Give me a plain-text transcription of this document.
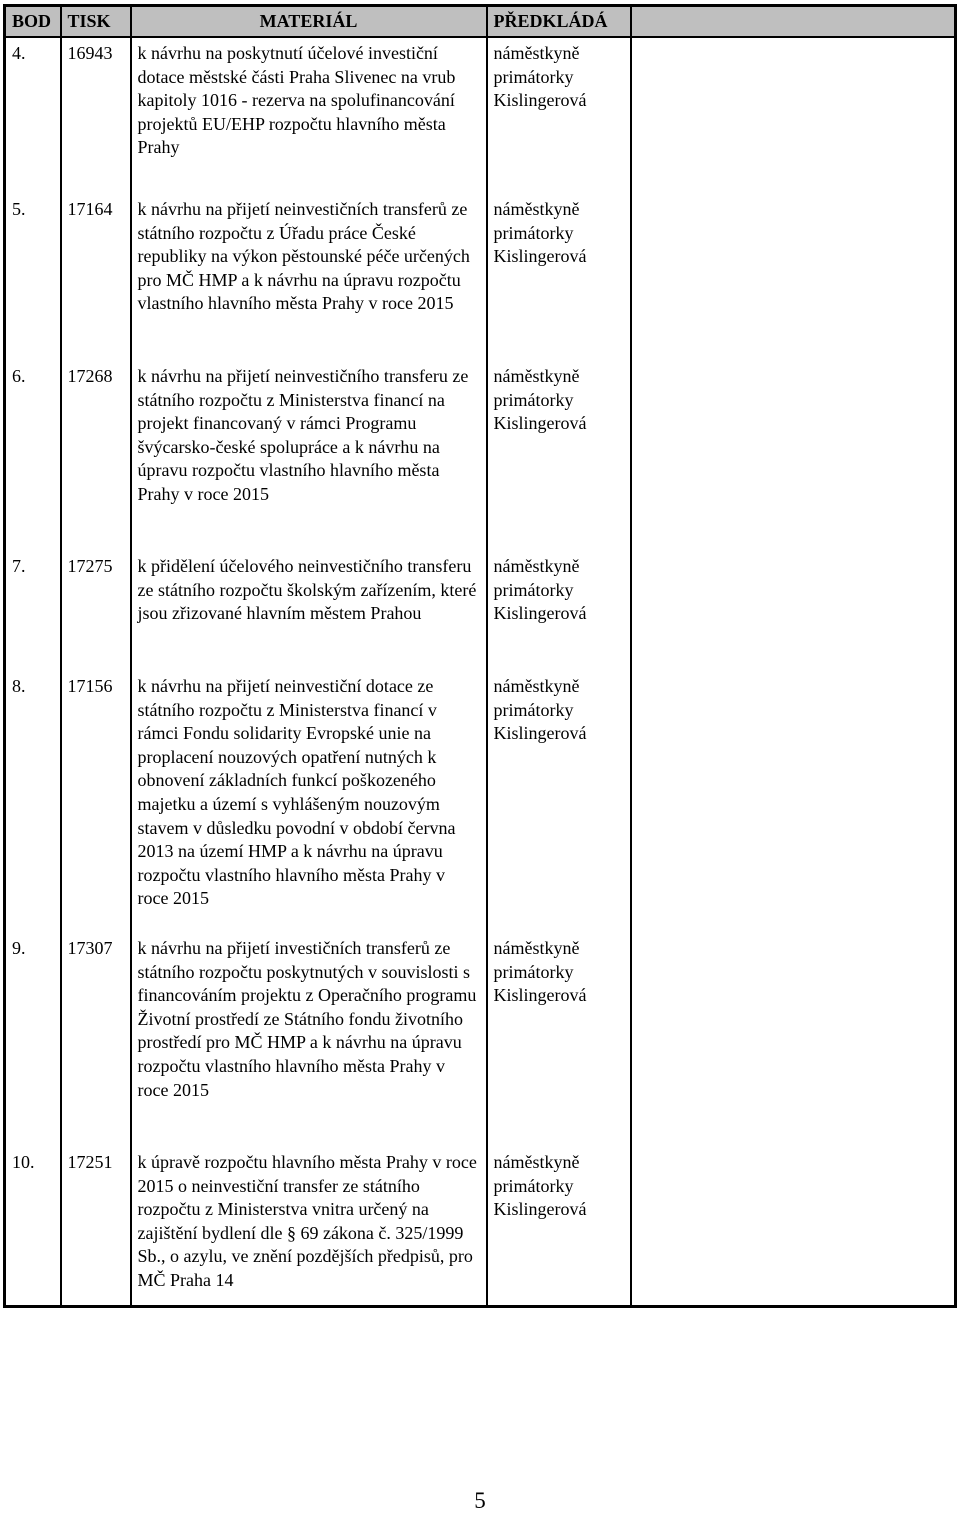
BOD	TISK	MATERIÁL	PŘEDKLÁDÁ	
4.	16943	k návrhu na poskytnutí účelové investiční dotace městské části Praha Slivenec na vrub kapitoly 1016 - rezerva na spolufinancování projektů EU/EHP rozpočtu hlavního města Prahy	náměstkyně primátorky Kislingerová	
5.	17164	k návrhu na přijetí neinvestičních transferů ze státního rozpočtu z Úřadu práce České republiky na výkon pěstounské péče určených pro MČ HMP a k návrhu na úpravu rozpočtu vlastního hlavního města Prahy v roce 2015	náměstkyně primátorky Kislingerová	
6.	17268	k návrhu na přijetí neinvestičního transferu ze státního rozpočtu z Ministerstva financí na projekt financovaný v rámci Programu švýcarsko-české spolupráce a k návrhu na úpravu rozpočtu vlastního hlavního města Prahy v roce 2015	náměstkyně primátorky Kislingerová	
7.	17275	k přidělení účelového neinvestičního transferu ze státního rozpočtu školským zařízením, které jsou zřizované hlavním městem Prahou	náměstkyně primátorky Kislingerová	
8.	17156	k návrhu na přijetí neinvestiční dotace ze státního rozpočtu z Ministerstva financí v rámci Fondu solidarity Evropské unie na proplacení nouzových opatření nutných k obnovení základních funkcí poškozeného majetku a území s vyhlášeným nouzovým stavem v důsledku povodní v období června 2013 na území HMP a k návrhu na úpravu rozpočtu vlastního hlavního města Prahy v roce 2015	náměstkyně primátorky Kislingerová	
9.	17307	k návrhu na přijetí investičních transferů ze státního rozpočtu poskytnutých v souvislosti s financováním projektu z Operačního programu Životní prostředí ze Státního fondu životního prostředí pro MČ HMP a k návrhu na úpravu rozpočtu vlastního hlavního města Prahy v roce 2015	náměstkyně primátorky Kislingerová	
10.	17251	k úpravě rozpočtu hlavního města Prahy v roce 2015 o neinvestiční transfer ze státního rozpočtu z Ministerstva vnitra určený na zajištění bydlení dle § 69 zákona č. 325/1999 Sb., o azylu, ve znění pozdějších předpisů, pro MČ Praha 14	náměstkyně primátorky Kislingerová	
5
